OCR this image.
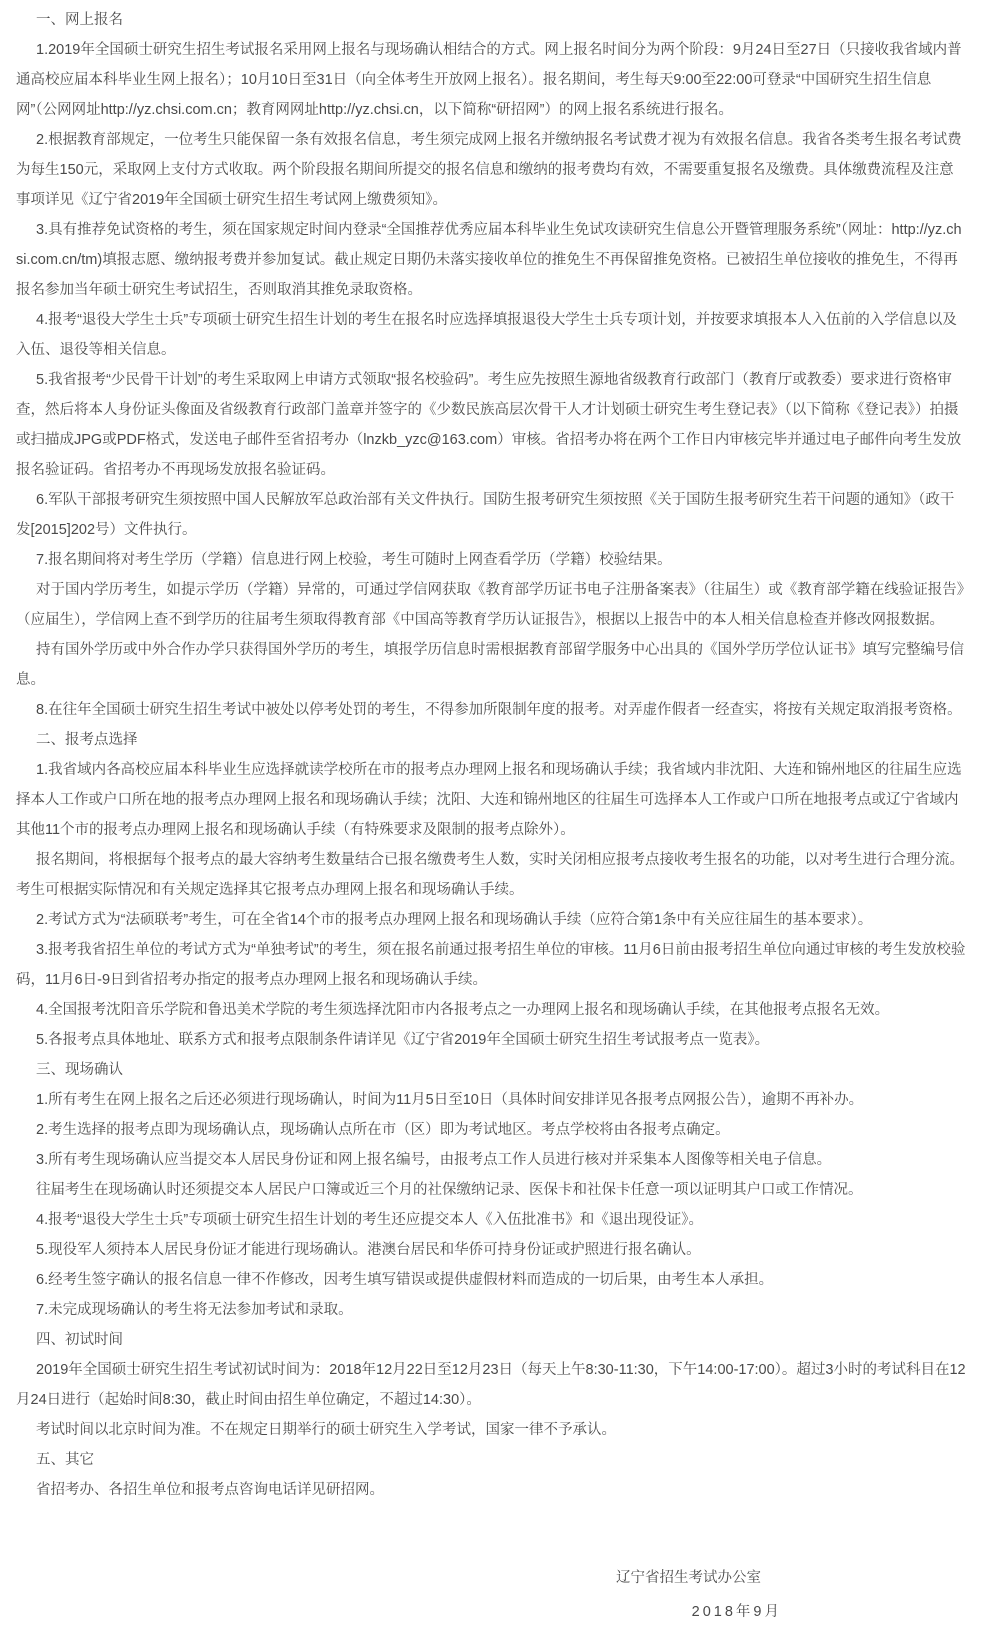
一、网上报名

1.2019年全国硕士研究生招生考试报名采用网上报名与现场确认相结合的方式。网上报名时间分为两个阶段：9月24日至27日（只接收我省域内普通高校应届本科毕业生网上报名）；10月10日至31日（向全体考生开放网上报名）。报名期间，考生每天9:00至22:00可登录“中国研究生招生信息网”（公网网址http://yz.chsi.com.cn；教育网网址http://yz.chsi.cn，以下简称“研招网”）的网上报名系统进行报名。

2.根据教育部规定，一位考生只能保留一条有效报名信息，考生须完成网上报名并缴纳报名考试费才视为有效报名信息。我省各类考生报名考试费为每生150元，采取网上支付方式收取。两个阶段报名期间所提交的报名信息和缴纳的报考费均有效，不需要重复报名及缴费。具体缴费流程及注意事项详见《辽宁省2019年全国硕士研究生招生考试网上缴费须知》。

3.具有推荐免试资格的考生，须在国家规定时间内登录“全国推荐优秀应届本科毕业生免试攻读研究生信息公开暨管理服务系统”（网址：http://yz.chsi.com.cn/tm)填报志愿、缴纳报考费并参加复试。截止规定日期仍未落实接收单位的推免生不再保留推免资格。已被招生单位接收的推免生，不得再报名参加当年硕士研究生考试招生，否则取消其推免录取资格。

4.报考“退役大学生士兵”专项硕士研究生招生计划的考生在报名时应选择填报退役大学生士兵专项计划，并按要求填报本人入伍前的入学信息以及入伍、退役等相关信息。

5.我省报考“少民骨干计划”的考生采取网上申请方式领取“报名校验码”。考生应先按照生源地省级教育行政部门（教育厅或教委）要求进行资格审查，然后将本人身份证头像面及省级教育行政部门盖章并签字的《少数民族高层次骨干人才计划硕士研究生考生登记表》（以下简称《登记表》）拍摄或扫描成JPG或PDF格式，发送电子邮件至省招考办（lnzkb_yzc@163.com）审核。省招考办将在两个工作日内审核完毕并通过电子邮件向考生发放报名验证码。省招考办不再现场发放报名验证码。

6.军队干部报考研究生须按照中国人民解放军总政治部有关文件执行。国防生报考研究生须按照《关于国防生报考研究生若干问题的通知》（政干发[2015]202号）文件执行。

7.报名期间将对考生学历（学籍）信息进行网上校验，考生可随时上网查看学历（学籍）校验结果。

对于国内学历考生，如提示学历（学籍）异常的，可通过学信网获取《教育部学历证书电子注册备案表》（往届生）或《教育部学籍在线验证报告》（应届生），学信网上查不到学历的往届考生须取得教育部《中国高等教育学历认证报告》，根据以上报告中的本人相关信息检查并修改网报数据。

持有国外学历或中外合作办学只获得国外学历的考生，填报学历信息时需根据教育部留学服务中心出具的《国外学历学位认证书》填写完整编号信息。

8.在往年全国硕士研究生招生考试中被处以停考处罚的考生，不得参加所限制年度的报考。对弄虚作假者一经查实，将按有关规定取消报考资格。

二、报考点选择

1.我省域内各高校应届本科毕业生应选择就读学校所在市的报考点办理网上报名和现场确认手续；我省域内非沈阳、大连和锦州地区的往届生应选择本人工作或户口所在地的报考点办理网上报名和现场确认手续；沈阳、大连和锦州地区的往届生可选择本人工作或户口所在地报考点或辽宁省域内其他11个市的报考点办理网上报名和现场确认手续（有特殊要求及限制的报考点除外）。

报名期间，将根据每个报考点的最大容纳考生数量结合已报名缴费考生人数，实时关闭相应报考点接收考生报名的功能，以对考生进行合理分流。考生可根据实际情况和有关规定选择其它报考点办理网上报名和现场确认手续。

2.考试方式为“法硕联考”考生，可在全省14个市的报考点办理网上报名和现场确认手续（应符合第1条中有关应往届生的基本要求）。

3.报考我省招生单位的考试方式为“单独考试”的考生，须在报名前通过报考招生单位的审核。11月6日前由报考招生单位向通过审核的考生发放校验码，11月6日-9日到省招考办指定的报考点办理网上报名和现场确认手续。

4.全国报考沈阳音乐学院和鲁迅美术学院的考生须选择沈阳市内各报考点之一办理网上报名和现场确认手续，在其他报考点报名无效。

5.各报考点具体地址、联系方式和报考点限制条件请详见《辽宁省2019年全国硕士研究生招生考试报考点一览表》。

三、现场确认

1.所有考生在网上报名之后还必须进行现场确认，时间为11月5日至10日（具体时间安排详见各报考点网报公告），逾期不再补办。

2.考生选择的报考点即为现场确认点，现场确认点所在市（区）即为考试地区。考点学校将由各报考点确定。

3.所有考生现场确认应当提交本人居民身份证和网上报名编号，由报考点工作人员进行核对并采集本人图像等相关电子信息。

往届考生在现场确认时还须提交本人居民户口簿或近三个月的社保缴纳记录、医保卡和社保卡任意一项以证明其户口或工作情况。

4.报考“退役大学生士兵”专项硕士研究生招生计划的考生还应提交本人《入伍批准书》和《退出现役证》。

5.现役军人须持本人居民身份证才能进行现场确认。港澳台居民和华侨可持身份证或护照进行报名确认。

6.经考生签字确认的报名信息一律不作修改，因考生填写错误或提供虚假材料而造成的一切后果，由考生本人承担。

7.未完成现场确认的考生将无法参加考试和录取。

四、初试时间

2019年全国硕士研究生招生考试初试时间为：2018年12月22日至12月23日（每天上午8:30-11:30，下午14:00-17:00）。超过3小时的考试科目在12月24日进行（起始时间8:30，截止时间由招生单位确定，不超过14:30）。

考试时间以北京时间为准。不在规定日期举行的硕士研究生入学考试，国家一律不予承认。

五、其它

省招考办、各招生单位和报考点咨询电话详见研招网。

辽宁省招生考试办公室
2018年9月
